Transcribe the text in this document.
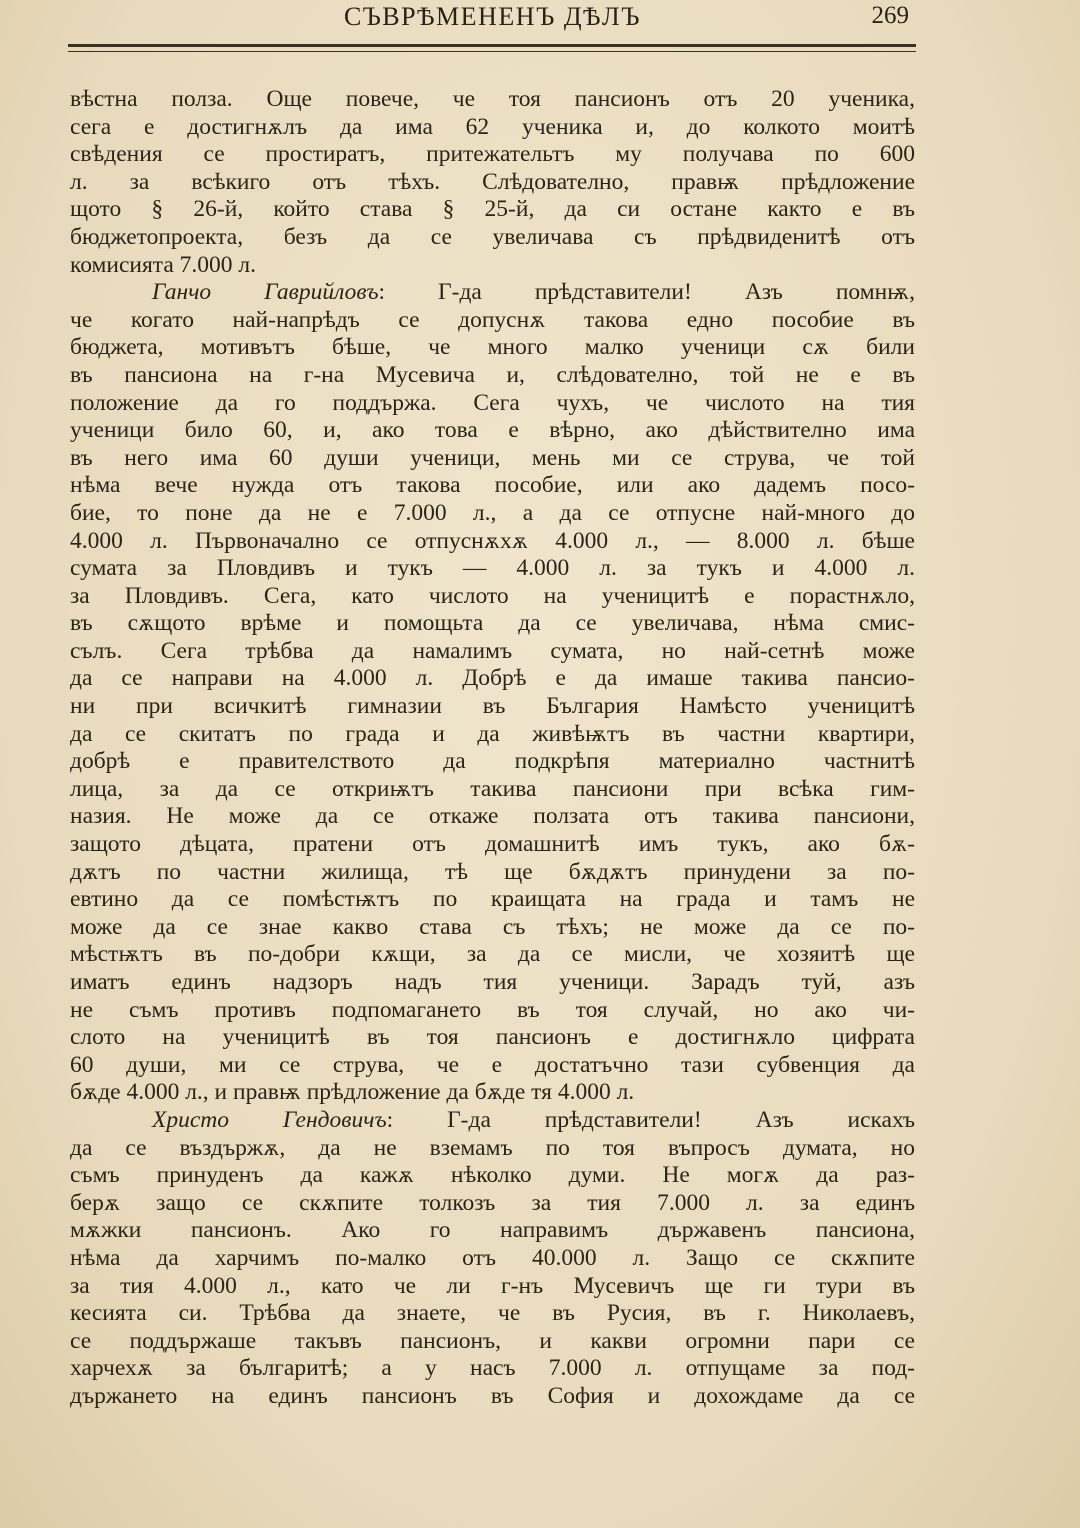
СЪВРѢМЕНЕНЪ ДѢЛЪ	269
вѣстна полза. Още повече, че тоя пансионъ отъ 20 ученика,
сега е достигнѫлъ да има 62 ученика и, до колкото моитѣ
свѣдения се простиратъ, притежательтъ му получава по 600
л. за всѣкиго отъ тѣхъ. Слѣдователно, правѭ прѣдложение
щото § 26-й, който става § 25-й, да си остане както е въ
бюджетопроекта, безъ да се увеличава съ прѣдвиденитѣ отъ
комисията 7.000 л.
Ганчо Гаврийловъ: Г-да прѣдставители! Азъ помнѭ,
че когато най-напрѣдъ се допуснѫ такова едно пособие въ
бюджета, мотивътъ бѣше, че много малко ученици сѫ били
въ пансиона на г-на Мусевича и, слѣдователно, той не е въ
положение да го поддържа. Сега чухъ, че числото на тия
ученици било 60, и, ако това е вѣрно, ако дѣйствително има
въ него има 60 души ученици, мень ми се струва, че той
нѣма вече нужда отъ такова пособие, или ако дадемъ посо-
бие, то поне да не е 7.000 л., а да се отпусне най-много до
4.000 л. Първоначално се отпуснѫхѫ 4.000 л., — 8.000 л. бѣше
сумата за Пловдивъ и тукъ — 4.000 л. за тукъ и 4.000 л.
за Пловдивъ. Сега, като числото на ученицитѣ е порастнѫло,
въ сѫщото врѣме и помощьта да се увеличава, нѣма смис-
сълъ. Сега трѣбва да намалимъ сумата, но най-сетнѣ може
да се направи на 4.000 л. Добрѣ е да имаше такива пансио-
ни при всичкитѣ гимназии въ България Намѣсто ученицитѣ
да се скитатъ по града и да живѣѭтъ въ частни квартири,
добрѣ е правителството да подкрѣпя материално частнитѣ
лица, за да се откриѭтъ такива пансиони при всѣка гим-
назия. Не може да се откаже ползата отъ такива пансиони,
защото дѣцата, пратени отъ домашнитѣ имъ тукъ, ако бѫ-
дѫтъ по частни жилища, тѣ ще бѫдѫтъ принудени за по-
евтино да се помѣстѭтъ по краищата на града и тамъ не
може да се знае какво става съ тѣхъ; не може да се по-
мѣстѭтъ въ по-добри кѫщи, за да се мисли, че хозяитѣ ще
иматъ единъ надзоръ надъ тия ученици. Зарадъ туй, азъ
не съмъ противъ подпомагането въ тоя случай, но ако чи-
слото на ученицитѣ въ тоя пансионъ е достигнѫло цифрата
60 души, ми се струва, че е достатъчно тази субвенция да
бѫде 4.000 л., и правѭ прѣдложение да бѫде тя 4.000 л.
Христо Гендовичъ: Г-да прѣдставители! Азъ искахъ
да се въздържѫ, да не вземамъ по тоя въпросъ думата, но
съмъ принуденъ да кажѫ нѣколко думи. Не могѫ да раз-
берѫ защо се скѫпите толкозъ за тия 7.000 л. за единъ
мѫжки пансионъ. Ако го направимъ държавенъ пансиона,
нѣма да харчимъ по-малко отъ 40.000 л. Защо се скѫпите
за тия 4.000 л., като че ли г-нъ Мусевичъ ще ги тури въ
кесията си. Трѣбва да знаете, че въ Русия, въ г. Николаевъ,
се поддържаше такъвъ пансионъ, и какви огромни пари се
харчехѫ за българитѣ; а у насъ 7.000 л. отпущаме за под-
държането на единъ пансионъ въ София и дохождаме да се
